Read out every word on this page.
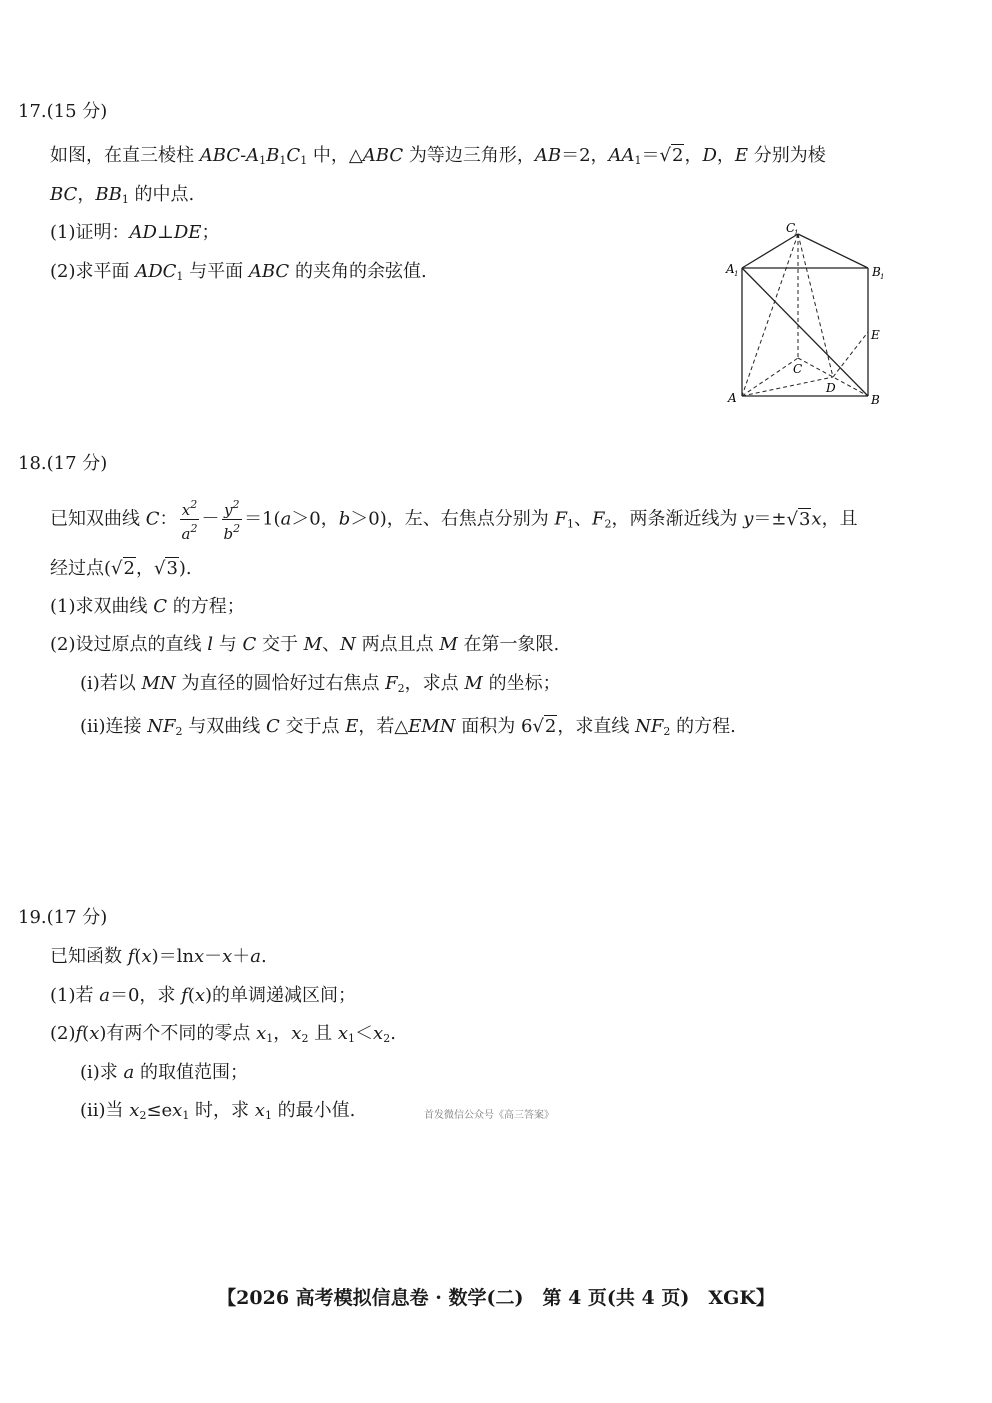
17.(15 分)
如图，在直三棱柱 ABC-$A_1B_1C_1$ 中，△ABC 为等边三角形，AB＝2，$AA_1=√2$，D，E 分别为棱
BC，$BB_1$ 的中点.
(1)证明：AD⊥DE；
(2)求平面 $ADC_1$ 与平面 ABC 的夹角的余弦值.
C
1
A 1	B 1
E
C
D
A	B
18.(17 分)
已知双曲线 C： $\frac{x^2}{a^2} - \frac{y^2}{b^2} =1(a>0$，b＞0)，左、右焦点分别为 $F_1$、$F_2$，两条渐近线为 y＝±√3x，且
经过点(√2，√3).
(1)求双曲线 C 的方程；
(2)设过原点的直线 l 与 C 交于 M、N 两点且点 M 在第一象限.
(ⅰ)若以 MN 为直径的圆恰好过右焦点 $F_2$，求点 M 的坐标；
(ⅱ)连接 $NF_2$ 与双曲线 C 交于点 E，若△EMN 面积为 6√2，求直线 $NF_2$ 的方程.
19.(17 分)
已知函数 f(x)＝lnx－x＋a.
(1)若 a＝0，求 f(x)的单调递减区间；
(2)f(x)有两个不同的零点 $x_1$，$x_2$ 且 $x_1<x_2$.
(ⅰ)求 a 的取值范围；
(ⅱ)当 $x_2\le ex_1$ 时，求 $x_1$ 的最小值.	首发微信公众号《高三答案》
【2026 高考模拟信息卷 · 数学(二)　第 4 页(共 4 页)　XGK】
